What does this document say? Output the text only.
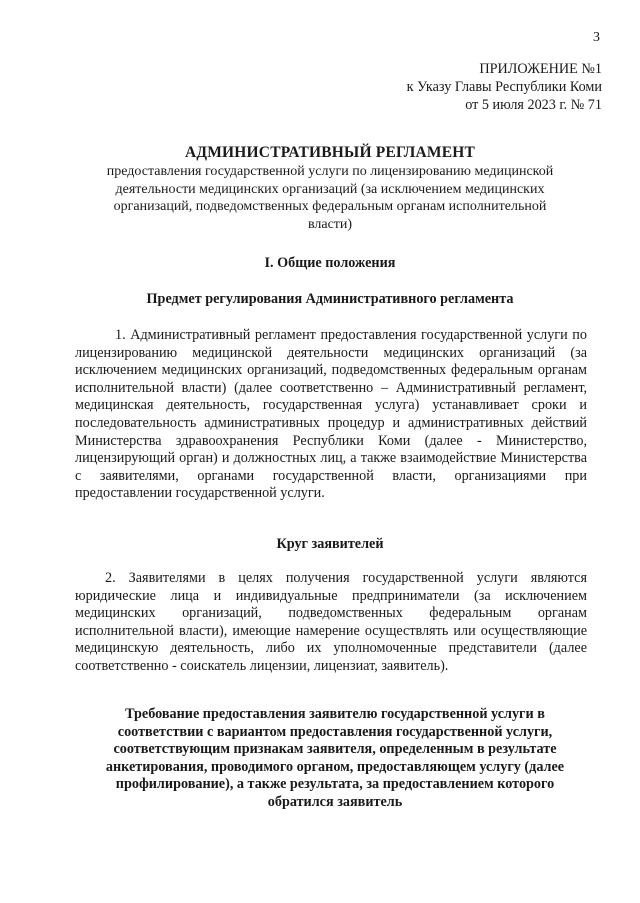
3
ПРИЛОЖЕНИЕ №1
к Указу Главы Республики Коми
от 5 июля 2023 г. № 71
АДМИНИСТРАТИВНЫЙ РЕГЛАМЕНТ
предоставления государственной услуги по лицензированию медицинской деятельности медицинских организаций (за исключением медицинских организаций, подведомственных федеральным органам исполнительной власти)
I. Общие положения
Предмет регулирования Административного регламента
1. Административный регламент предоставления государственной услуги по лицензированию медицинской деятельности медицинских организаций (за исключением медицинских организаций, подведомственных федеральным органам исполнительной власти) (далее соответственно – Административный регламент, медицинская деятельность, государственная услуга) устанавливает сроки и последовательность административных процедур и административных действий Министерства здравоохранения Республики Коми (далее - Министерство, лицензирующий орган) и должностных лиц, а также взаимодействие Министерства с заявителями, органами государственной власти, организациями при предоставлении государственной услуги.
Круг заявителей
2. Заявителями в целях получения государственной услуги являются юридические лица и индивидуальные предприниматели (за исключением медицинских организаций, подведомственных федеральным органам исполнительной власти), имеющие намерение осуществлять или осуществляющие медицинскую деятельность, либо их уполномоченные представители (далее соответственно - соискатель лицензии, лицензиат, заявитель).
Требование предоставления заявителю государственной услуги в соответствии с вариантом предоставления государственной услуги, соответствующим признакам заявителя, определенным в результате анкетирования, проводимого органом, предоставляющем услугу (далее профилирование), а также результата, за предоставлением которого обратился заявитель
